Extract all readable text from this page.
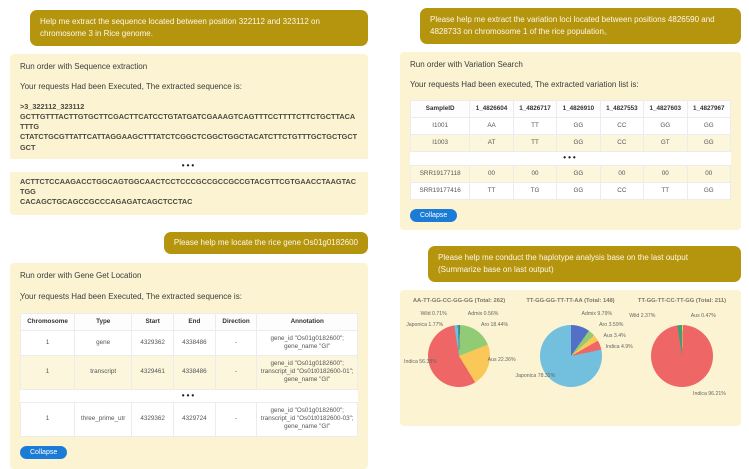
Help me extract the sequence located between position 322112 and 323112 on chromosome 3 in Rice genome.
Run order with Sequence extraction
Your requests Had been Executed, The extracted sequence is:
>3_322112_323112
GCTTGTTTACTTGTGCTTCGACTTCATCCTGTATGATCGAAAGTCAGTTTCCTTTTCTTCTGCTTACATTTG
CTATCTGCGTTATTCATTAGGAAGCTTTATCTCGGCTCGGCTGGCTACATCTTCTGTTTGCTGCTGCTGCT
•••
ACTTCTCCAAGACCTGGCAGTGGCAACTCCTCCCGCCGCCGCCGTACGTTCGTGAACCTAAGTACTGG
CACAGCTGCAGCCGCCCAGAGATCAGCTCCTAC
Please help me locate the rice gene Os01g0182600
Run order with Gene Get Location
Your requests Had been Executed, The extracted sequence is:
'
Chromosome	Type	Start	End	Direction	Annotation
1	gene	4329362	4338486	-	gene_id "Os01g0182600"; gene_name "GI"
1	transcript	4329461	4338486	-	gene_id "Os01g0182600"; transcript_id "Os01t0182600-01"; gene_name "GI"
•••
1	three_prime_utr	4329362	4329724	-	gene_id "Os01g0182600"; transcript_id "Os01t0182600-03"; gene_name "GI"
Collapse
Please help me extract the variation loci located between positions 4826590 and 4828733 on chromosome 1 of the rice population。
Run order with Variation Search
Your requests Had been executed, The extracted variation list is:
SampleID	1_4826604	1_4826717	1_4826910	1_4827553	1_4827603	1_4827967
I1001	AA	TT	GG	CC	GG	GG
I1003	AT	TT	GG	CC	GT	GG
•••
SRR19177118	00	00	GG	00	00	00
SRR19177416	TT	TG	GG	CC	TT	GG
Collapse
Please help me conduct the haplotype analysis base on the last output (Summarize base on last output)
AA-TT-GG-CC-GG-GG (Total: 262)
Admix 0.56%
Aro 18.44%
Aus 22.36%
Indica 56.38%
Japonica 1.77%
Wild 0.71%
TT-GG-GG-TT-TT-AA (Total: 148)
Admix 9.79%
Aro 3.59%
Aus 3.4%
Indica 4.9%
Japonica 78.32%
TT-GG-TT-CC-TT-GG (Total: 211)
Aus 0.47%
Indica 96.21%
Wild 2.37%
